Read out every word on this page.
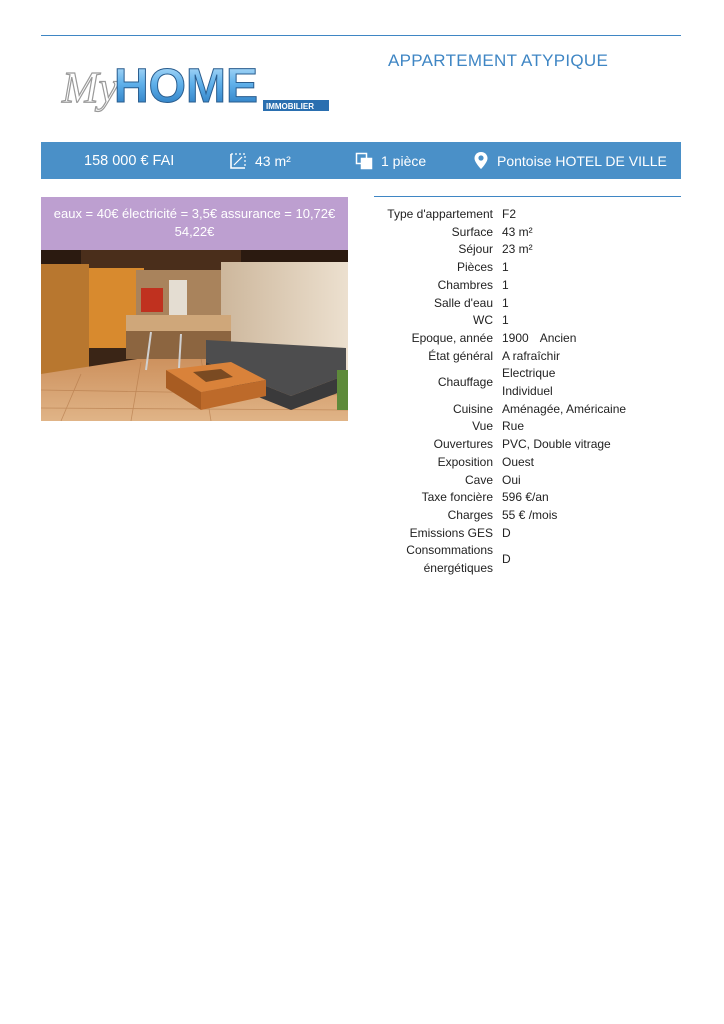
My
HOME IMMOBILIER
APPARTEMENT ATYPIQUE
158 000 € FAI	43 m²	1 pièce	Pontoise HOTEL DE VILLE
eaux = 40€ électricité = 3,5€ assurance = 10,72€ 54,22€
Type d'appartement	F2
Surface	43 m²
Séjour	23 m²
Pièces	1
Chambres	1
Salle d'eau	1
WC	1
Epoque, année	1900 Ancien
État général	A rafraîchir
Chauffage	Electrique
Individuel

Cuisine	Aménagée, Américaine
Vue	Rue
Ouvertures	PVC, Double vitrage
Exposition	Ouest
Cave	Oui
Taxe foncière	596 €/an
Charges	55 € /mois
Emissions GES	D
Consommations
énergétiques	D
